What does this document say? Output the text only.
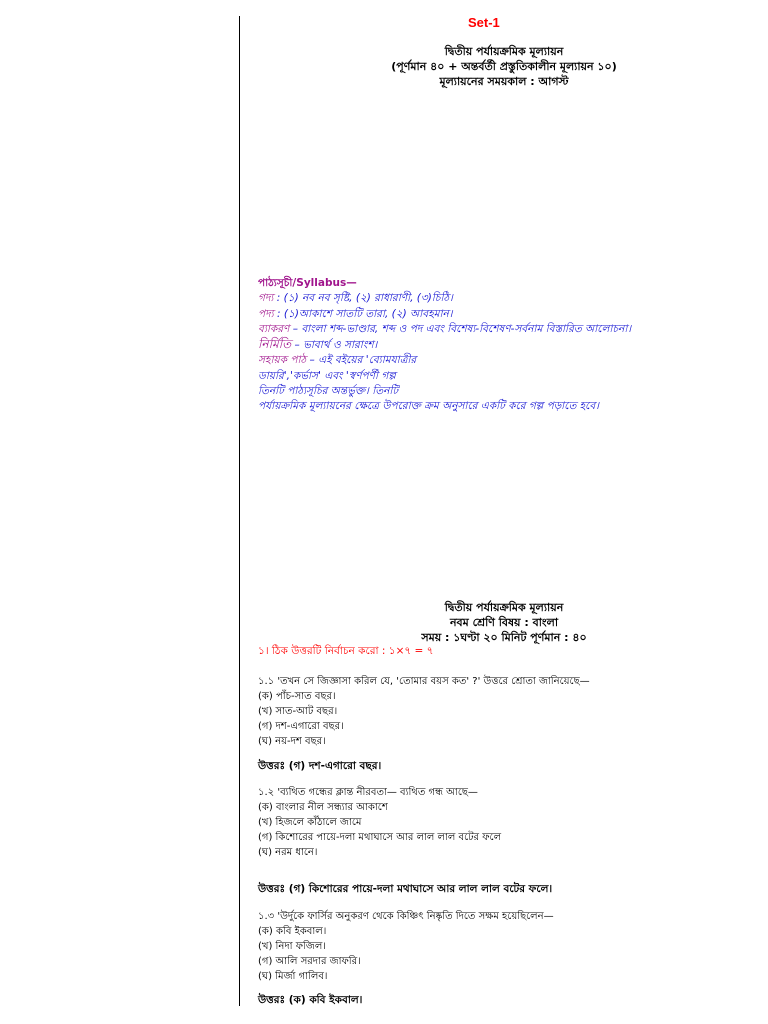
Set-1
দ্বিতীয় পর্যায়ক্রমিক মূল্যায়ন
(পূর্ণমান ৪০ + অন্তর্বর্তী প্রস্তুতিকালীন মূল্যায়ন ১০)
মূল্যায়নের সময়কাল : আগস্ট
পাঠ্যসূচী/Syllabus—
গদ্য : (১) নব নব সৃষ্টি, (২) রাধারাণী, (৩)চিঠি।
পদ্য : (১)আকাশে সাতটি তারা, (২) আবহমান।
ব্যাকরণ – বাংলা শব্দ-ভাণ্ডার, শব্দ ও পদ এবং বিশেষ্য-বিশেষণ-সর্বনাম বিস্তারিত আলোচনা।
নির্মিতি – ভাবার্থ ও সারাংশ।
সহায়ক পাঠ – এই বইয়ের 'ব্যোমযাত্রীর
ডায়রি','কর্ভাস' এবং 'স্বর্ণপর্ণী গল্প
তিনটি পাঠ্যসূচির অন্তর্ভুক্ত। তিনটি
পর্যায়ক্রমিক মূল্যায়নের ক্ষেত্রে উপরোক্ত ক্রম অনুসারে একটি করে গল্প পড়াতে হবে।
দ্বিতীয় পর্যায়ক্রমিক মূল্যায়ন
নবম শ্রেণি বিষয় : বাংলা
সময় : ১ঘণ্টা ২০ মিনিট পূর্ণমান : ৪০
১। ঠিক উত্তরটি নির্বাচন করো : ১×৭ = ৭
১.১ 'তখন সে জিজ্ঞাসা করিল যে, 'তোমার বয়স কত' ?' উত্তরে শ্রোতা জানিয়েছে—
(ক) পাঁচ-সাত বছর।
(খ) সাত-আট বছর।
(গ) দশ-এগারো বছর।
(ঘ) নয়-দশ বছর।
উত্তরঃ (গ) দশ-এগারো বছর।
১.২ 'ব্যথিত গন্ধের ক্লান্ত নীরবতা— ব্যথিত গন্ধ আছে—
(ক) বাংলার নীল সন্ধ্যার আকাশে
(খ) হিজলে কাঁঠালে জামে
(গ) কিশোরের পায়ে-দলা মথাঘাসে আর লাল লাল বটের ফলে
(ঘ) নরম ধানে।
উত্তরঃ (গ) কিশোরের পায়ে-দলা মথাঘাসে আর লাল লাল বটের ফলে।
১.৩ 'উর্দুকে ফার্সির অনুকরণ থেকে কিঞ্চিৎ নিষ্কৃতি দিতে সক্ষম হয়েছিলেন—
(ক) কবি ইকবাল।
(খ) নিদা ফজিল।
(গ) আলি সরদার জাফরি।
(ঘ) মির্জা গালিব।
উত্তরঃ (ক) কবি ইকবাল।
